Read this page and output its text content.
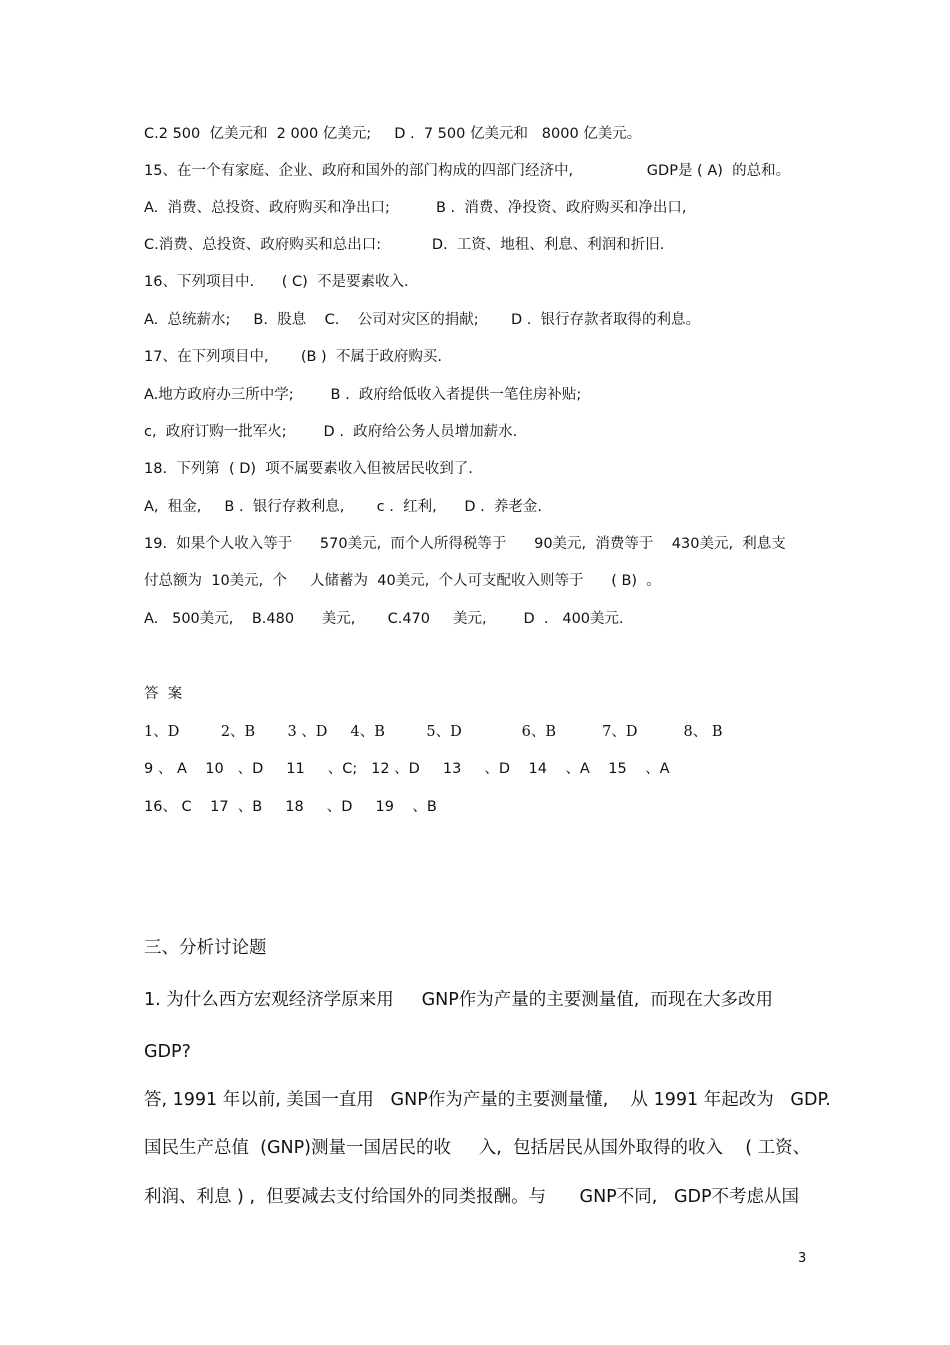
C.2 500  亿美元和  2 000 亿美元;     D .  7 500 亿美元和   8000 亿美元。
15、在一个有家庭、企业、政府和国外的部门构成的四部门经济中,                GDP是 ( A)  的总和。
A.  消费、总投资、政府购买和净出口;          B .  消费、净投资、政府购买和净出口,
C.消费、总投资、政府购买和总出口:           D.  工资、地租、利息、利润和折旧.
16、下列项目中.      ( C)  不是要素收入.
A.  总统薪水;     B.  股息    C.    公司对灾区的捐献;       D .  银行存款者取得的利息。
17、在下列项目中,       (B )  不属于政府购买.
A.地方政府办三所中学;        B .  政府给低收入者提供一笔住房补贴;
c,  政府订购一批军火;        D .  政府给公务人员增加薪水.
18.  下列第  ( D)  项不属要素收入但被居民收到了.
A,  租金,     B .  银行存救利息,       c .  红利,      D .  养老金.
19.  如果个人收入等于      570美元,  而个人所得税等于      90美元,  消费等于    430美元,  利息支
付总额为  10美元,  个     人储蓄为  40美元,  个人可支配收入则等于      ( B)  。
A.   500美元,    B.480      美元,       C.470     美元,        D  .   400美元.
答  案
1、D         2、B       3 、D     4、B         5、D             6、B          7、D          8、 B
9 、 A    10   、D     11     、C;   12 、D     13     、D    14    、A    15    、A
16、 C    17  、B     18     、D     19    、B
三、分析讨论题
1. 为什么西方宏观经济学原来用     GNP作为产量的主要测量值,  而现在大多改用
GDP?
答, 1991 年以前, 美国一直用   GNP作为产量的主要测量懂,    从 1991 年起改为   GDP.
国民生产总值  (GNP)测量一国居民的收     入,  包括居民从国外取得的收入    ( 工资、
利润、利息 ) ,  但要减去支付给国外的同类报酬。与      GNP不同,   GDP不考虑从国
3
